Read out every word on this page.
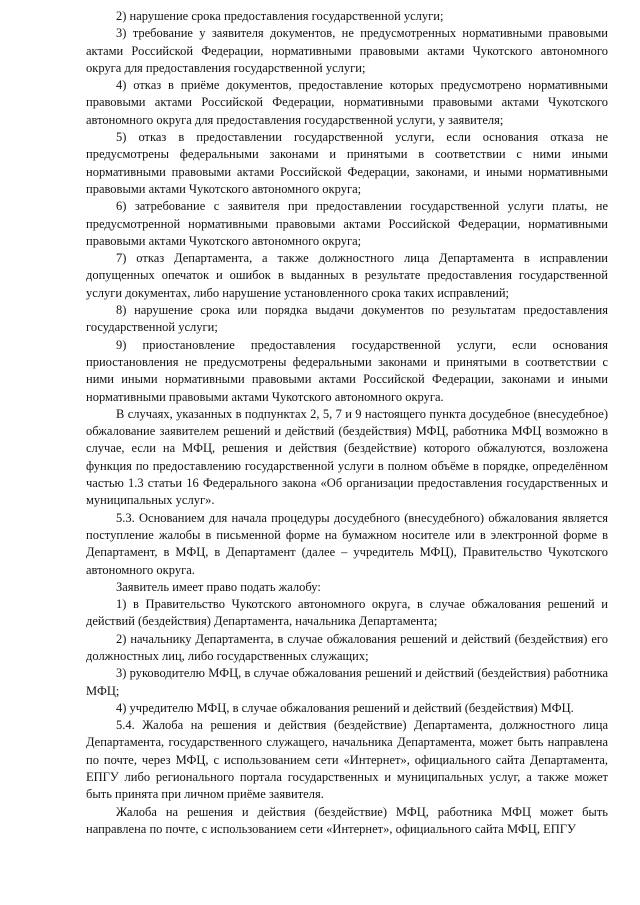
2) нарушение срока предоставления государственной услуги;

3) требование у заявителя документов, не предусмотренных нормативными правовыми актами Российской Федерации, нормативными правовыми актами Чукотского автономного округа для предоставления государственной услуги;

4) отказ в приёме документов, предоставление которых предусмотрено нормативными правовыми актами Российской Федерации, нормативными правовыми актами Чукотского автономного округа для предоставления государственной услуги, у заявителя;

5) отказ в предоставлении государственной услуги, если основания отказа не предусмотрены федеральными законами и принятыми в соответствии с ними иными нормативными правовыми актами Российской Федерации, законами, и иными нормативными правовыми актами Чукотского автономного округа;

6) затребование с заявителя при предоставлении государственной услуги платы, не предусмотренной нормативными правовыми актами Российской Федерации, нормативными правовыми актами Чукотского автономного округа;

7) отказ Департамента, а также должностного лица Департамента в исправлении допущенных опечаток и ошибок в выданных в результате предоставления государственной услуги документах, либо нарушение установленного срока таких исправлений;

8) нарушение срока или порядка выдачи документов по результатам предоставления государственной услуги;

9) приостановление предоставления государственной услуги, если основания приостановления не предусмотрены федеральными законами и принятыми в соответствии с ними иными нормативными правовыми актами Российской Федерации, законами и иными нормативными правовыми актами Чукотского автономного округа.

В случаях, указанных в подпунктах 2, 5, 7 и 9 настоящего пункта досудебное (внесудебное) обжалование заявителем решений и действий (бездействия) МФЦ, работника МФЦ возможно в случае, если на МФЦ, решения и действия (бездействие) которого обжалуются, возложена функция по предоставлению государственной услуги в полном объёме в порядке, определённом частью 1.3 статьи 16 Федерального закона «Об организации предоставления государственных и муниципальных услуг».

5.3. Основанием для начала процедуры досудебного (внесудебного) обжалования является поступление жалобы в письменной форме на бумажном носителе или в электронной форме в Департамент, в МФЦ, в Департамент (далее – учредитель МФЦ), Правительство Чукотского автономного округа.

Заявитель имеет право подать жалобу:

1) в Правительство Чукотского автономного округа, в случае обжалования решений и действий (бездействия) Департамента, начальника Департамента;

2) начальнику Департамента, в случае обжалования решений и действий (бездействия) его должностных лиц, либо государственных служащих;

3) руководителю МФЦ, в случае обжалования решений и действий (бездействия) работника МФЦ;

4) учредителю МФЦ, в случае обжалования решений и действий (бездействия) МФЦ.

5.4. Жалоба на решения и действия (бездействие) Департамента, должностного лица Департамента, государственного служащего, начальника Департамента, может быть направлена по почте, через МФЦ, с использованием сети «Интернет», официального сайта Департамента, ЕПГУ либо регионального портала государственных и муниципальных услуг, а также может быть принята при личном приёме заявителя.

Жалоба на решения и действия (бездействие) МФЦ, работника МФЦ может быть направлена по почте, с использованием сети «Интернет», официального сайта МФЦ, ЕПГУ
